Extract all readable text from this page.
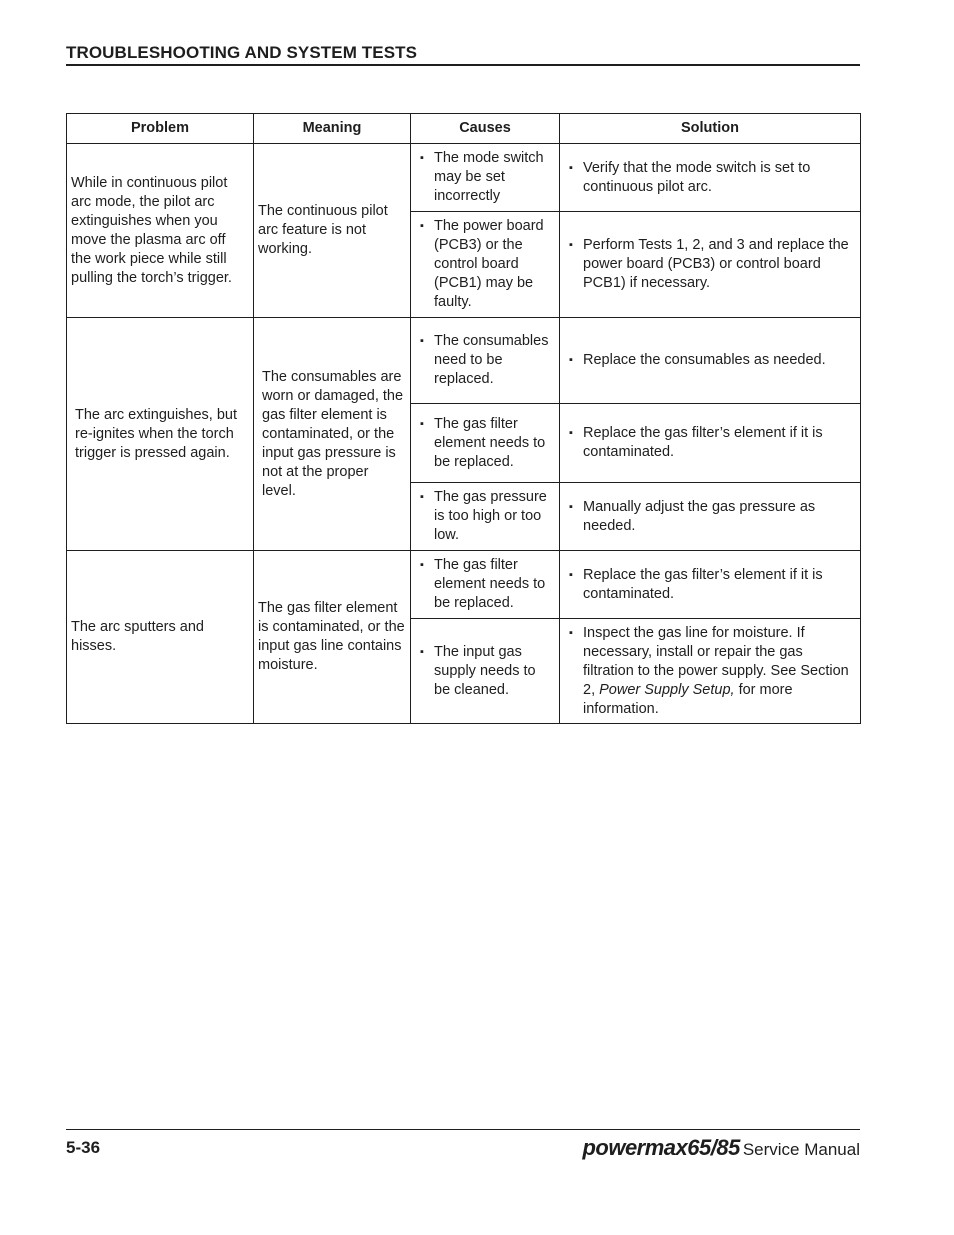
TROUBLESHOOTING AND SYSTEM TESTS
Problem	Meaning	Causes	Solution
While in continuous pilot arc mode, the pilot arc extinguishes when you move the plasma arc off the work piece while still pulling the torch’s trigger.	The continuous pilot arc feature is not working.	▪ The mode switch may be set incorrectly	▪ Verify that the mode switch is set to continuous pilot arc.

		▪ The power board (PCB3) or the control board (PCB1) may be faulty.	▪ Perform Tests 1, 2, and 3 and replace the power board (PCB3) or control board PCB1) if necessary.

The arc extinguishes, but re-ignites when the torch trigger is pressed again.	The consumables are worn or damaged, the gas filter element is contaminated, or the input gas pressure is not at the proper level.	▪ The consumables need to be replaced.	▪ Replace the consumables as needed.

		▪ The gas filter element needs to be replaced.	▪ Replace the gas filter’s element if it is contaminated.

		▪ The gas pressure is too high or too low.	▪ Manually adjust the gas pressure as needed.

The arc sputters and hisses.	The gas filter element is contaminated, or the input gas line contains moisture.	▪ The gas filter element needs to be replaced.	▪ Replace the gas filter’s element if it is contaminated.

		▪ The input gas supply needs to be cleaned.	▪ Inspect the gas line for moisture. If necessary, install or repair the gas filtration to the power supply. See Section 2, Power Supply Setup, for more information.
5-36	powermax65/85 Service Manual
